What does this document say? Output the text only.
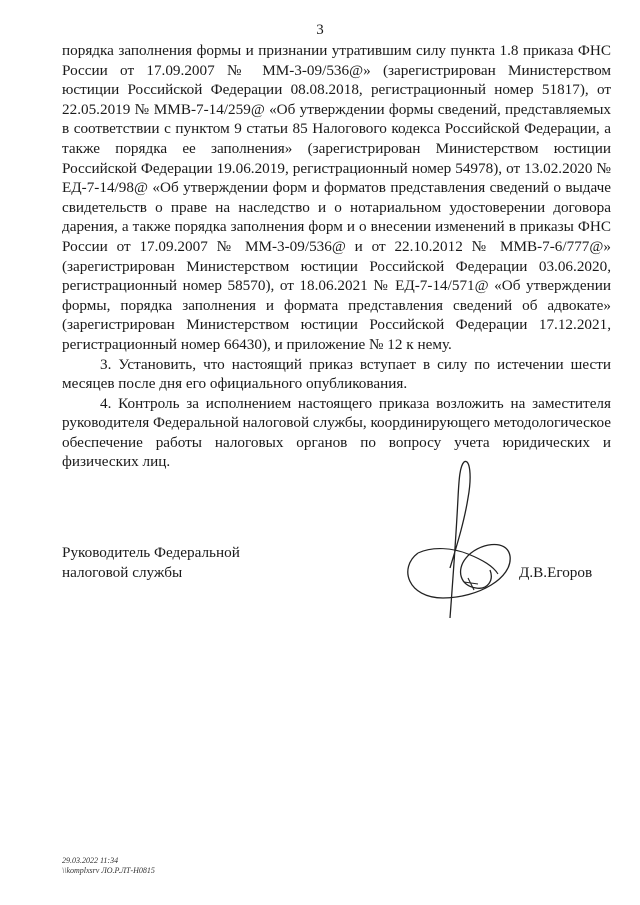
3

порядка заполнения формы и признании утратившим силу пункта 1.8 приказа ФНС России от 17.09.2007 № ММ-3-09/536@» (зарегистрирован Министерством юстиции Российской Федерации 08.08.2018, регистрационный номер 51817), от 22.05.2019 № ММВ-7-14/259@ «Об утверждении формы сведений, представляемых в соответствии с пунктом 9 статьи 85 Налогового кодекса Российской Федерации, а также порядка ее заполнения» (зарегистрирован Министерством юстиции Российской Федерации 19.06.2019, регистрационный номер 54978), от 13.02.2020 № ЕД-7-14/98@ «Об утверждении форм и форматов представления сведений о выдаче свидетельств о праве на наследство и о нотариальном удостоверении договора дарения, а также порядка заполнения форм и о внесении изменений в приказы ФНС России от 17.09.2007 № ММ-3-09/536@ и от 22.10.2012 № ММВ-7-6/777@» (зарегистрирован Министерством юстиции Российской Федерации 03.06.2020, регистрационный номер 58570), от 18.06.2021 № ЕД-7-14/571@ «Об утверждении формы, порядка заполнения и формата представления сведений об адвокате» (зарегистрирован Министерством юстиции Российской Федерации 17.12.2021, регистрационный номер 66430), и приложение № 12 к нему.

3. Установить, что настоящий приказ вступает в силу по истечении шести месяцев после дня его официального опубликования.

4. Контроль за исполнением настоящего приказа возложить на заместителя руководителя Федеральной налоговой службы, координирующего методологическое обеспечение работы налоговых органов по вопросу учета юридических и физических лиц.

Руководитель Федеральной
налоговой службы	Д.В.Егоров
29.03.2022 11:34
\\komplxsrv ЛО.Р.ЛТ-Н0815
